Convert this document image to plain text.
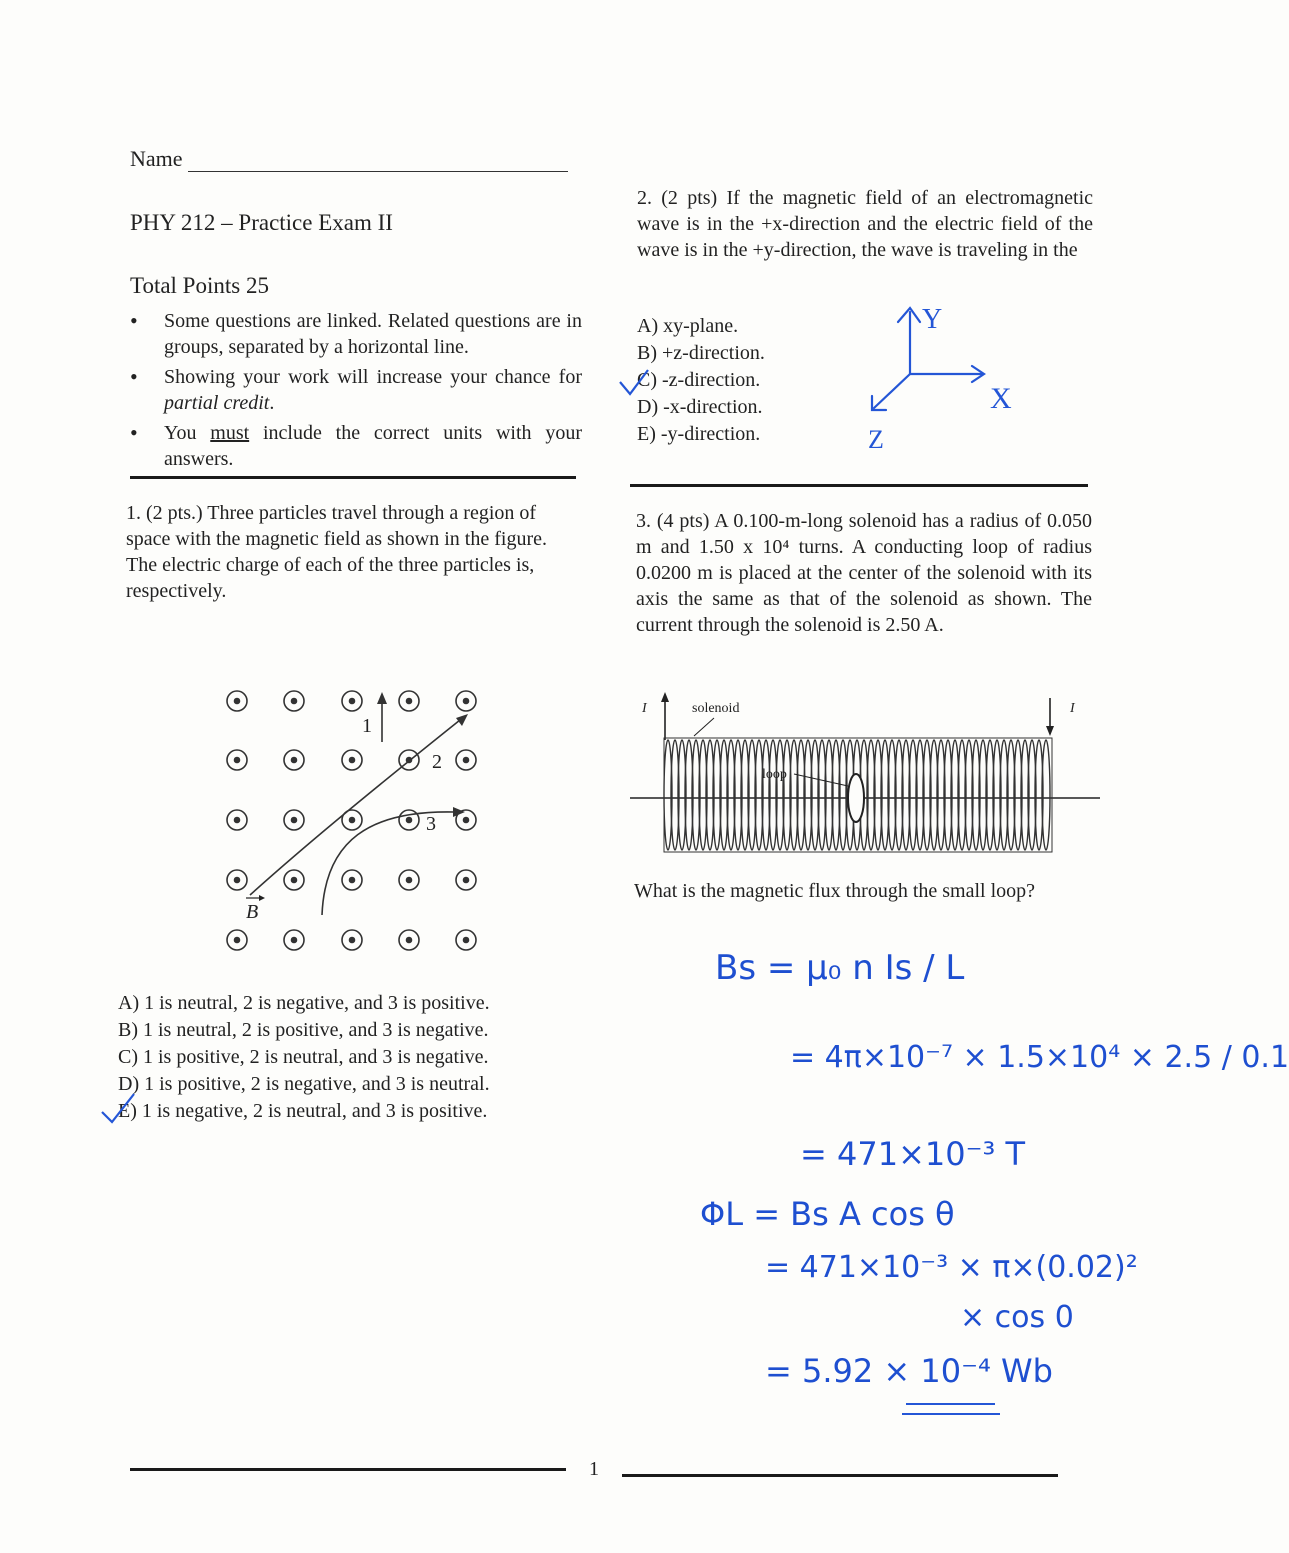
Name
PHY 212 – Practice Exam II
Total Points 25
• Some questions are linked. Related questions are in groups, separated by a horizontal line.
• Showing your work will increase your chance for partial credit.
• You must include the correct units with your answers.
1. (2 pts.) Three particles travel through a region of space with the magnetic field as shown in the figure. The electric charge of each of the three particles is, respectively.
1
2
3
B
A) 1 is neutral, 2 is negative, and 3 is positive.
B) 1 is neutral, 2 is positive, and 3 is negative.
C) 1 is positive, 2 is neutral, and 3 is negative.
D) 1 is positive, 2 is negative, and 3 is neutral.
E) 1 is negative, 2 is neutral, and 3 is positive.
2. (2 pts) If the magnetic field of an electromagnetic wave is in the +x-direction and the electric field of the wave is in the +y-direction, the wave is traveling in the
A) xy-plane.
B) +z-direction.
C) -z-direction.
D) -x-direction.
E) -y-direction.
Y
X
Z
3. (4 pts) A 0.100-m-long solenoid has a radius of 0.050 m and 1.50 x 10⁴ turns. A conducting loop of radius 0.0200 m is placed at the center of the solenoid with its axis the same as that of the solenoid as shown. The current through the solenoid is 2.50 A.
I	I
solenoid
loop
What is the magnetic flux through the small loop?
Bs = μ₀ n Is / L
= 4π×10⁻⁷ × 1.5×10⁴ × 2.5 / 0.1
= 471×10⁻³ T
ΦL = Bs A cos θ
= 471×10⁻³ × π×(0.02)²
× cos 0
= 5.92 × 10⁻⁴ Wb
1
